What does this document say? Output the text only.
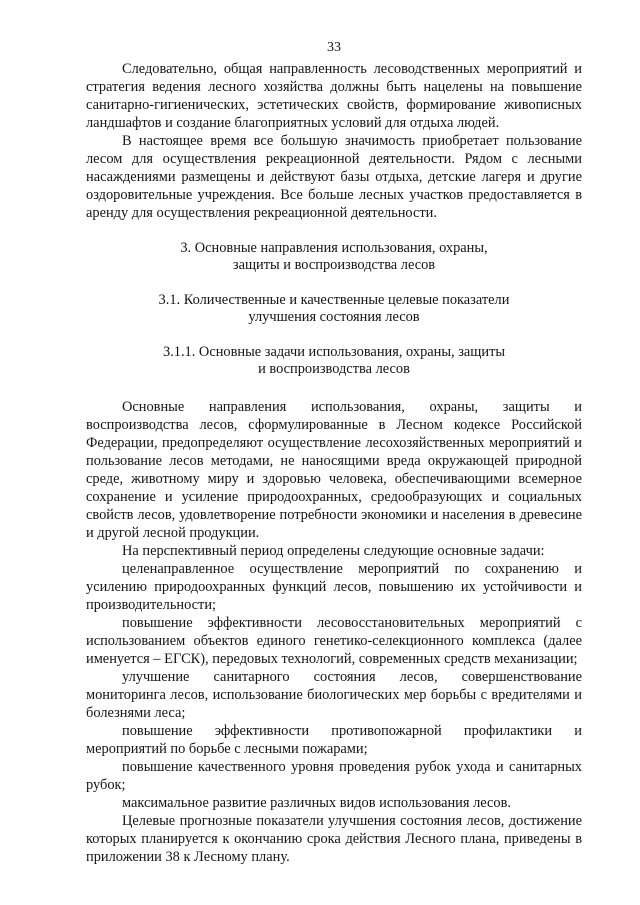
33

Следовательно, общая направленность лесоводственных мероприятий и стратегия ведения лесного хозяйства должны быть нацелены на повышение санитарно-гигиенических, эстетических свойств, формирование живописных ландшафтов и создание благоприятных условий для отдыха людей.

В настоящее время все большую значимость приобретает пользование лесом для осуществления рекреационной деятельности. Рядом с лесными насаждениями размещены и действуют базы отдыха, детские лагеря и другие оздоровительные учреждения. Все больше лесных участков предоставляется в аренду для осуществления рекреационной деятельности.

3. Основные направления использования, охраны,
защиты и воспроизводства лесов
3.1. Количественные и качественные целевые показатели
улучшения состояния лесов
3.1.1. Основные задачи использования, охраны, защиты
и воспроизводства лесов

Основные направления использования, охраны, защиты и воспроизводства лесов, сформулированные в Лесном кодексе Российской Федерации, предопределяют осуществление лесохозяйственных мероприятий и пользование лесов методами, не наносящими вреда окружающей природной среде, животному миру и здоровью человека, обеспечивающими всемерное сохранение и усиление природоохранных, средообразующих и социальных свойств лесов, удовлетворение потребности экономики и населения в древесине и другой лесной продукции.

На перспективный период определены следующие основные задачи:

целенаправленное осуществление мероприятий по сохранению и усилению природоохранных функций лесов, повышению их устойчивости и производительности;

повышение эффективности лесовосстановительных мероприятий с использованием объектов единого генетико-селекционного комплекса (далее именуется – ЕГСК), передовых технологий, современных средств механизации;

улучшение санитарного состояния лесов, совершенствование мониторинга лесов, использование биологических мер борьбы с вредителями и болезнями леса;

повышение эффективности противопожарной профилактики и мероприятий по борьбе с лесными пожарами;

повышение качественного уровня проведения рубок ухода и санитарных рубок;

максимальное развитие различных видов использования лесов.

Целевые прогнозные показатели улучшения состояния лесов, достижение которых планируется к окончанию срока действия Лесного плана, приведены в приложении 38 к Лесному плану.
